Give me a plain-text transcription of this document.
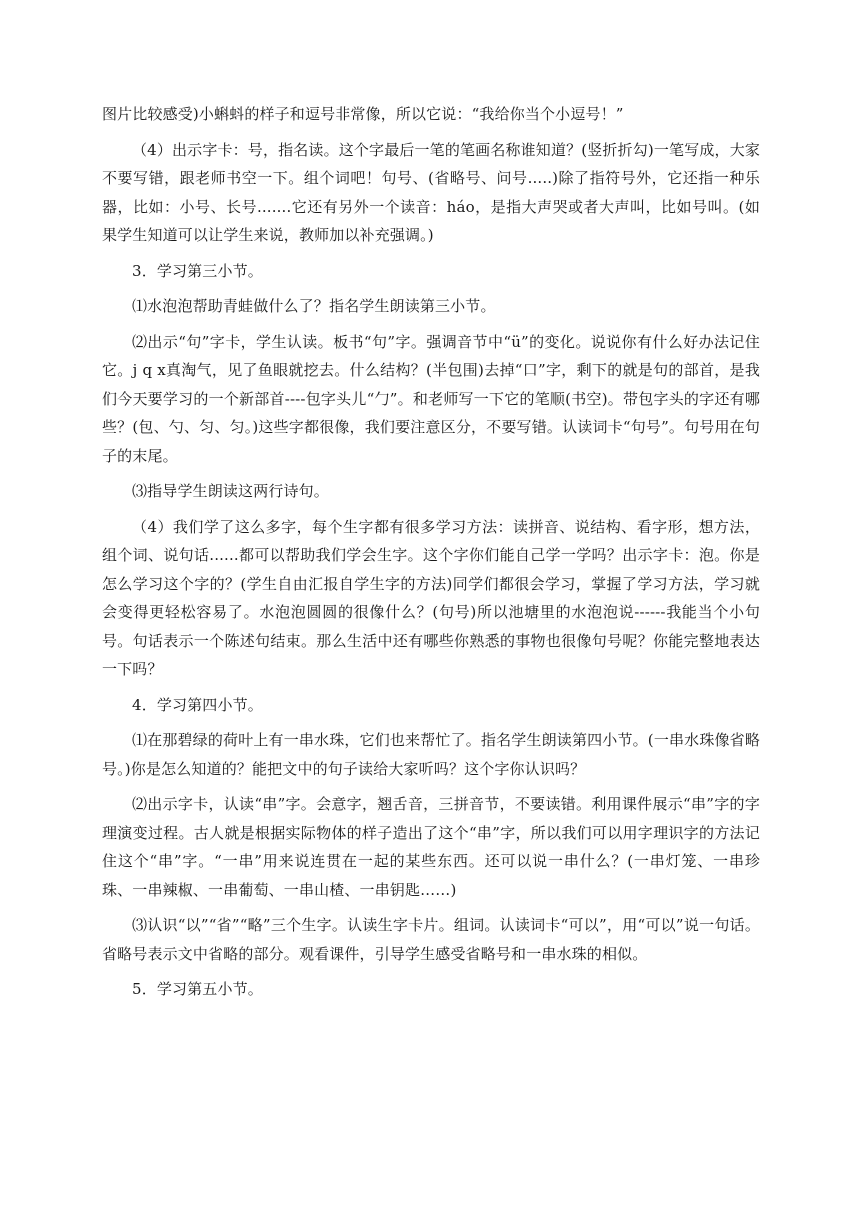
图片比较感受)小蝌蚪的样子和逗号非常像，所以它说：“我给你当个小逗号！”

（4）出示字卡：号，指名读。这个字最后一笔的笔画名称谁知道？(竖折折勾)一笔写成，大家不要写错，跟老师书空一下。组个词吧！句号、(省略号、问号.....)除了指符号外，它还指一种乐器，比如：小号、长号.......它还有另外一个读音：háo，是指大声哭或者大声叫，比如号叫。(如果学生知道可以让学生来说，教师加以补充强调。)

3．学习第三小节。

⑴水泡泡帮助青蛙做什么了？指名学生朗读第三小节。

⑵出示“句”字卡，学生认读。板书“句”字。强调音节中“ü”的变化。说说你有什么好办法记住它。j q x真淘气，见了鱼眼就挖去。什么结构？(半包围)去掉“口”字，剩下的就是句的部首，是我们今天要学习的一个新部首----包字头儿“勹”。和老师写一下它的笔顺(书空)。带包字头的字还有哪些？(包、勺、匀、匀。)这些字都很像，我们要注意区分，不要写错。认读词卡“句号”。句号用在句子的末尾。

⑶指导学生朗读这两行诗句。

（4）我们学了这么多字，每个生字都有很多学习方法：读拼音、说结构、看字形，想方法，组个词、说句话......都可以帮助我们学会生字。这个字你们能自己学一学吗？出示字卡：泡。你是怎么学习这个字的？(学生自由汇报自学生字的方法)同学们都很会学习，掌握了学习方法，学习就会变得更轻松容易了。水泡泡圆圆的很像什么？(句号)所以池塘里的水泡泡说------我能当个小句号。句话表示一个陈述句结束。那么生活中还有哪些你熟悉的事物也很像句号呢？你能完整地表达一下吗？

4．学习第四小节。

⑴在那碧绿的荷叶上有一串水珠，它们也来帮忙了。指名学生朗读第四小节。(一串水珠像省略号。)你是怎么知道的？能把文中的句子读给大家听吗？这个字你认识吗？

⑵出示字卡，认读“串”字。会意字，翘舌音，三拼音节，不要读错。利用课件展示“串”字的字理演变过程。古人就是根据实际物体的样子造出了这个“串”字，所以我们可以用字理识字的方法记住这个“串”字。“一串”用来说连贯在一起的某些东西。还可以说一串什么？(一串灯笼、一串珍珠、一串辣椒、一串葡萄、一串山楂、一串钥匙……)

⑶认识“以”“省”“略”三个生字。认读生字卡片。组词。认读词卡“可以”，用“可以”说一句话。省略号表示文中省略的部分。观看课件，引导学生感受省略号和一串水珠的相似。

5．学习第五小节。
